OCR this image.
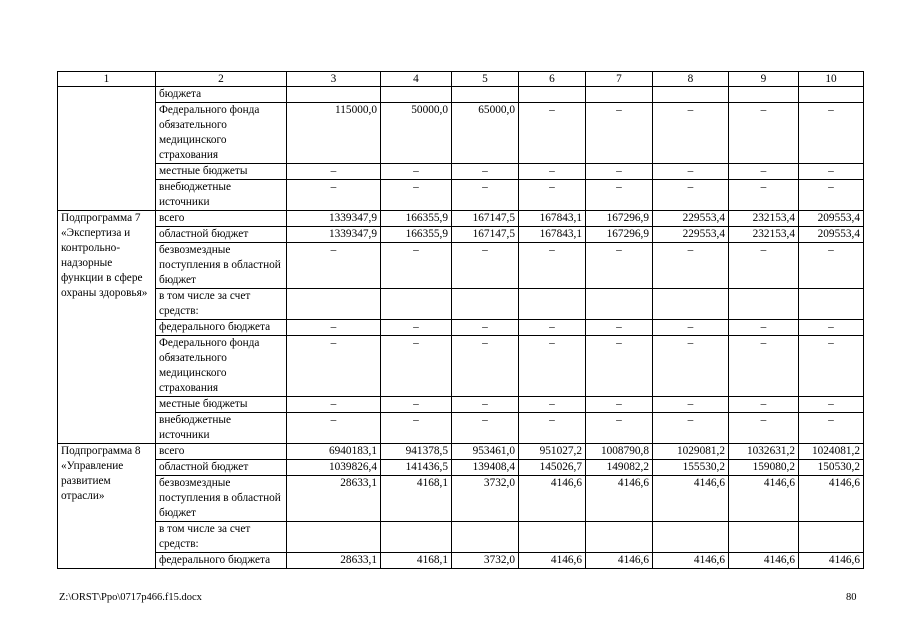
1	2	3	4	5	6	7	8	9	10
	бюджета								
	Федерального фонда обязательного медицинского страхования	115000,0	50000,0	65000,0	–	–	–	–	–
	местные бюджеты	–	–	–	–	–	–	–	–
	внебюджетные источники	–	–	–	–	–	–	–	–
Подпрограмма 7 «Экспертиза и контрольно-надзорные функции в сфере охраны здоровья»	всего	1339347,9	166355,9	167147,5	167843,1	167296,9	229553,4	232153,4	209553,4
	областной бюджет	1339347,9	166355,9	167147,5	167843,1	167296,9	229553,4	232153,4	209553,4
	безвозмездные поступления в областной бюджет	–	–	–	–	–	–	–	–
	в том числе за счет средств:								
	федерального бюджета	–	–	–	–	–	–	–	–
	Федерального фонда обязательного медицинского страхования	–	–	–	–	–	–	–	–
	местные бюджеты	–	–	–	–	–	–	–	–
	внебюджетные источники	–	–	–	–	–	–	–	–
Подпрограмма 8 «Управление развитием отрасли»	всего	6940183,1	941378,5	953461,0	951027,2	1008790,8	1029081,2	1032631,2	1024081,2
	областной бюджет	1039826,4	141436,5	139408,4	145026,7	149082,2	155530,2	159080,2	150530,2
	безвозмездные поступления в областной бюджет	28633,1	4168,1	3732,0	4146,6	4146,6	4146,6	4146,6	4146,6
	в том числе за счет средств:								
	федерального бюджета	28633,1	4168,1	3732,0	4146,6	4146,6	4146,6	4146,6	4146,6
Z:\ORST\Ppo\0717p466.f15.docx	80
